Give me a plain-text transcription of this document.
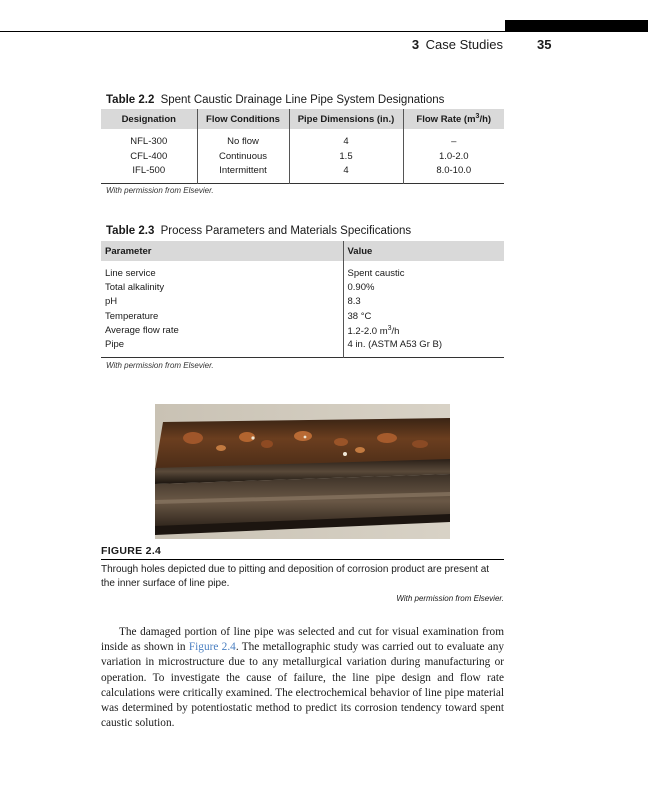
3 Case Studies	35
Table 2.2 Spent Caustic Drainage Line Pipe System Designations
Designation	Flow Conditions	Pipe Dimensions (in.)	Flow Rate $(m^3/h)$
NFL-300	No flow	4	–
CFL-400	Continuous	1.5	1.0-2.0
IFL-500	Intermittent	4	8.0-10.0
With permission from Elsevier.
Table 2.3 Process Parameters and Materials Specifications
Parameter	Value
Line service	Spent caustic
Total alkalinity	0.90%
pH	8.3
Temperature	38 °C
Average flow rate	1.2-2.0 $m^3/h$
Pipe	4 in. (ASTM A53 Gr B)
With permission from Elsevier.
FIGURE 2.4
Through holes depicted due to pitting and deposition of corrosion product are present at the inner surface of line pipe.
With permission from Elsevier.

The damaged portion of line pipe was selected and cut for visual examination from inside as shown in Figure 2.4. The metallographic study was carried out to evaluate any variation in microstructure due to any metallurgical variation during manufacturing or operation. To investigate the cause of failure, the line pipe design and flow rate calculations were critically examined. The electrochemical behavior of line pipe material was determined by potentiostatic method to predict its corrosion tendency toward spent caustic solution.
